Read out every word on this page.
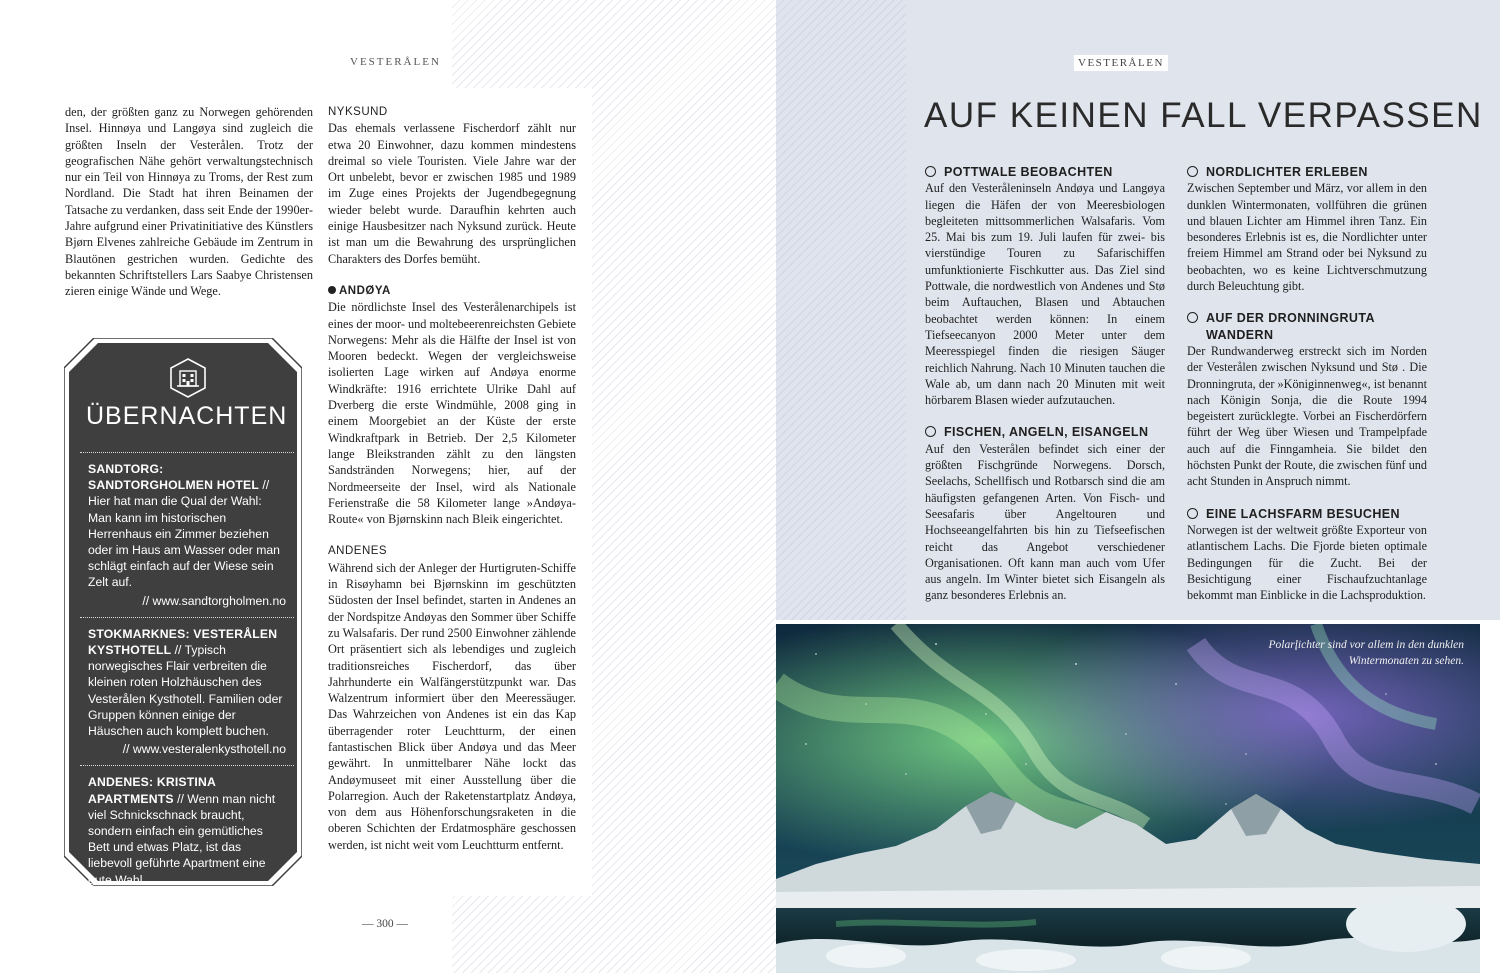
VESTERÅLEN

den, der größten ganz zu Norwegen gehörenden Insel. Hinnøya und Langøya sind zugleich die größten Inseln der Vesterålen. Trotz der geografischen Nähe gehört verwaltungstechnisch nur ein Teil von Hinnøya zu Troms, der Rest zum Nordland. Die Stadt hat ihren Beinamen der Tatsache zu verdanken, dass seit Ende der 1990er-Jahre aufgrund einer Privatinitiative des Künstlers Bjørn Elvenes zahlreiche Gebäude im Zentrum in Blautönen gestrichen wurden. Gedichte des bekannten Schriftstellers Lars Saabye Christensen zieren einige Wände und Wege.

NYKSUND

Das ehemals verlassene Fischerdorf zählt nur etwa 20 Einwohner, dazu kommen mindestens dreimal so viele Touristen. Viele Jahre war der Ort unbelebt, bevor er zwischen 1985 und 1989 im Zuge eines Projekts der Jugendbegegnung wieder belebt wurde. Daraufhin kehrten auch einige Hausbesitzer nach Nyksund zurück. Heute ist man um die Bewahrung des ursprünglichen Charakters des Dorfes bemüht.

ANDØYA

Die nördlichste Insel des Vesterålenarchipels ist eines der moor- und moltebeerenreichsten Gebiete Norwegens: Mehr als die Hälfte der Insel ist von Mooren bedeckt. Wegen der vergleichsweise isolierten Lage wirken auf Andøya enorme Windkräfte: 1916 errichtete Ulrike Dahl auf Dverberg die erste Windmühle, 2008 ging in einem Moorgebiet an der Küste der erste Windkraftpark in Betrieb. Der 2,5 Kilometer lange Bleikstranden zählt zu den längsten Sandstränden Norwegens; hier, auf der Nordmeerseite der Insel, wird als Nationale Ferienstraße die 58 Kilometer lange »Andøya-Route« von Bjørnskinn nach Bleik eingerichtet.

ANDENES

Während sich der Anleger der Hurtigruten-Schiffe in Risøyhamn bei Bjørnskinn im geschützten Südosten der Insel befindet, starten in Andenes an der Nordspitze Andøyas den Sommer über Schiffe zu Walsafaris. Der rund 2500 Einwohner zählende Ort präsentiert sich als lebendiges und zugleich traditionsreiches Fischerdorf, das über Jahrhunderte ein Walfängerstützpunkt war. Das Walzentrum informiert über den Meeressäuger. Das Wahrzeichen von Andenes ist ein das Kap überragender roter Leuchtturm, der einen fantastischen Blick über Andøya und das Meer gewährt. In unmittelbarer Nähe lockt das Andøymuseet mit einer Ausstellung über die Polarregion. Auch der Raketenstartplatz Andøya, von dem aus Höhenforschungsraketen in die oberen Schichten der Erdatmosphäre geschossen werden, ist nicht weit vom Leuchtturm entfernt.

ÜBERNACHTEN
SANDTORG: SANDTORGHOLMEN HOTEL // Hier hat man die Qual der Wahl: Man kann im historischen Herrenhaus ein Zimmer beziehen oder im Haus am Wasser oder man schlägt einfach auf der Wiese sein Zelt auf.
// www.sandtorgholmen.no
STOKMARKNES: VESTERÅLEN KYSTHOTELL // Typisch norwegisches Flair verbreiten die kleinen roten Holzhäuschen des Vesterålen Kysthotell. Familien oder Gruppen können einige der Häuschen auch komplett buchen.
// www.vesteralenkysthotell.no
ANDENES: KRISTINA APARTMENTS // Wenn man nicht viel Schnickschnack braucht, sondern einfach ein gemütliches Bett und etwas Platz, ist das liebevoll geführte Apartment eine gute Wahl.
// kristinaapartment.hotelmu.top
— 300 —
VESTERÅLEN
AUF KEINEN FALL VERPASSEN
POTTWALE BEOBACHTEN

Auf den Vesteråleninseln Andøya und Langøya liegen die Häfen der von Meeresbiologen begleiteten mittsommerlichen Walsafaris. Vom 25. Mai bis zum 19. Juli laufen für zwei- bis vierstündige Touren zu Safarischiffen umfunktionierte Fischkutter aus. Das Ziel sind Pottwale, die nordwestlich von Andenes und Stø beim Auftauchen, Blasen und Abtauchen beobachtet werden können: In einem Tiefseecanyon 2000 Meter unter dem Meeresspiegel finden die riesigen Säuger reichlich Nahrung. Nach 10 Minuten tauchen die Wale ab, um dann nach 20 Minuten mit weit hörbarem Blasen wieder aufzutauchen.

FISCHEN, ANGELN, EISANGELN

Auf den Vesterålen befindet sich einer der größten Fischgründe Norwegens. Dorsch, Seelachs, Schellfisch und Rotbarsch sind die am häufigsten gefangenen Arten. Von Fisch- und Seesafaris über Angeltouren und Hochseeangelfahrten bis hin zu Tiefseefischen reicht das Angebot verschiedener Organisationen. Oft kann man auch vom Ufer aus angeln. Im Winter bietet sich Eisangeln als ganz besonderes Erlebnis an.

NORDLICHTER ERLEBEN

Zwischen September und März, vor allem in den dunklen Wintermonaten, vollführen die grünen und blauen Lichter am Himmel ihren Tanz. Ein besonderes Erlebnis ist es, die Nordlichter unter freiem Himmel am Strand oder bei Nyksund zu beobachten, wo es keine Lichtverschmutzung durch Beleuchtung gibt.

AUF DER DRONNINGRUTA WANDERN

Der Rundwanderweg erstreckt sich im Norden der Vesterålen zwischen Nyksund und Stø . Die Dronningruta, der »Königinnenweg«, ist benannt nach Königin Sonja, die die Route 1994 begeistert zurücklegte. Vorbei an Fischerdörfern führt der Weg über Wiesen und Trampelpfade auch auf die Finngamheia. Sie bildet den höchsten Punkt der Route, die zwischen fünf und acht Stunden in Anspruch nimmt.

EINE LACHSFARM BESUCHEN

Norwegen ist der weltweit größte Exporteur von atlantischem Lachs. Die Fjorde bieten optimale Bedingungen für die Zucht. Bei der Besichtigung einer Fischaufzuchtanlage bekommt man Einblicke in die Lachsproduktion.

Polarlichter sind vor allem in den dunklen Wintermonaten zu sehen.
